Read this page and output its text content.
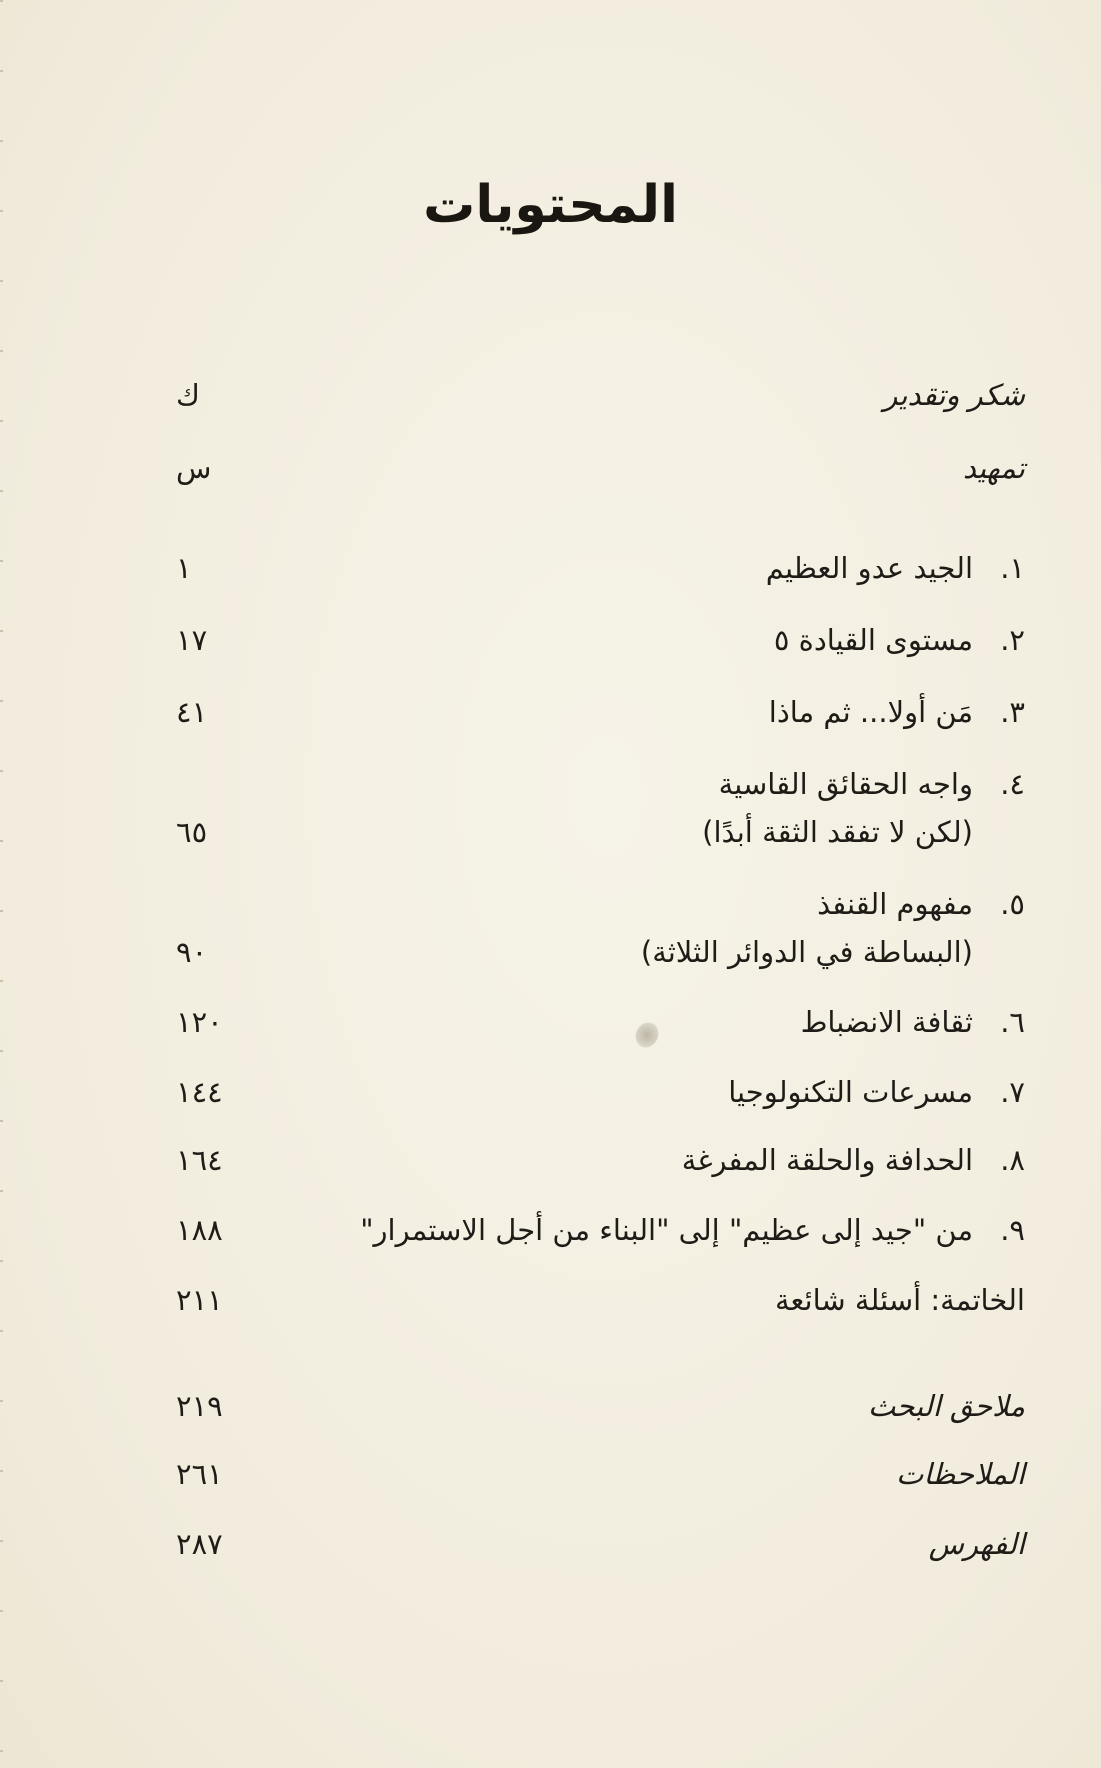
المحتويات
شكر وتقدير
ك
تمهيد
س
١.الجيد عدو العظيم
١
٢.مستوى القيادة ٥
١٧
٣.مَن أولا... ثم ماذا
٤١
٤.واجه الحقائق القاسية
(لكن لا تفقد الثقة أبدًا)
٦٥
٥.مفهوم القنفذ
(البساطة في الدوائر الثلاثة)
٩٠
٦.ثقافة الانضباط
١٢٠
٧.مسرعات التكنولوجيا
١٤٤
٨.الحدافة والحلقة المفرغة
١٦٤
٩.من "جيد إلى عظيم" إلى "البناء من أجل الاستمرار"
١٨٨
الخاتمة: أسئلة شائعة
٢١١
ملاحق البحث
٢١٩
الملاحظات
٢٦١
الفهرس
٢٨٧
